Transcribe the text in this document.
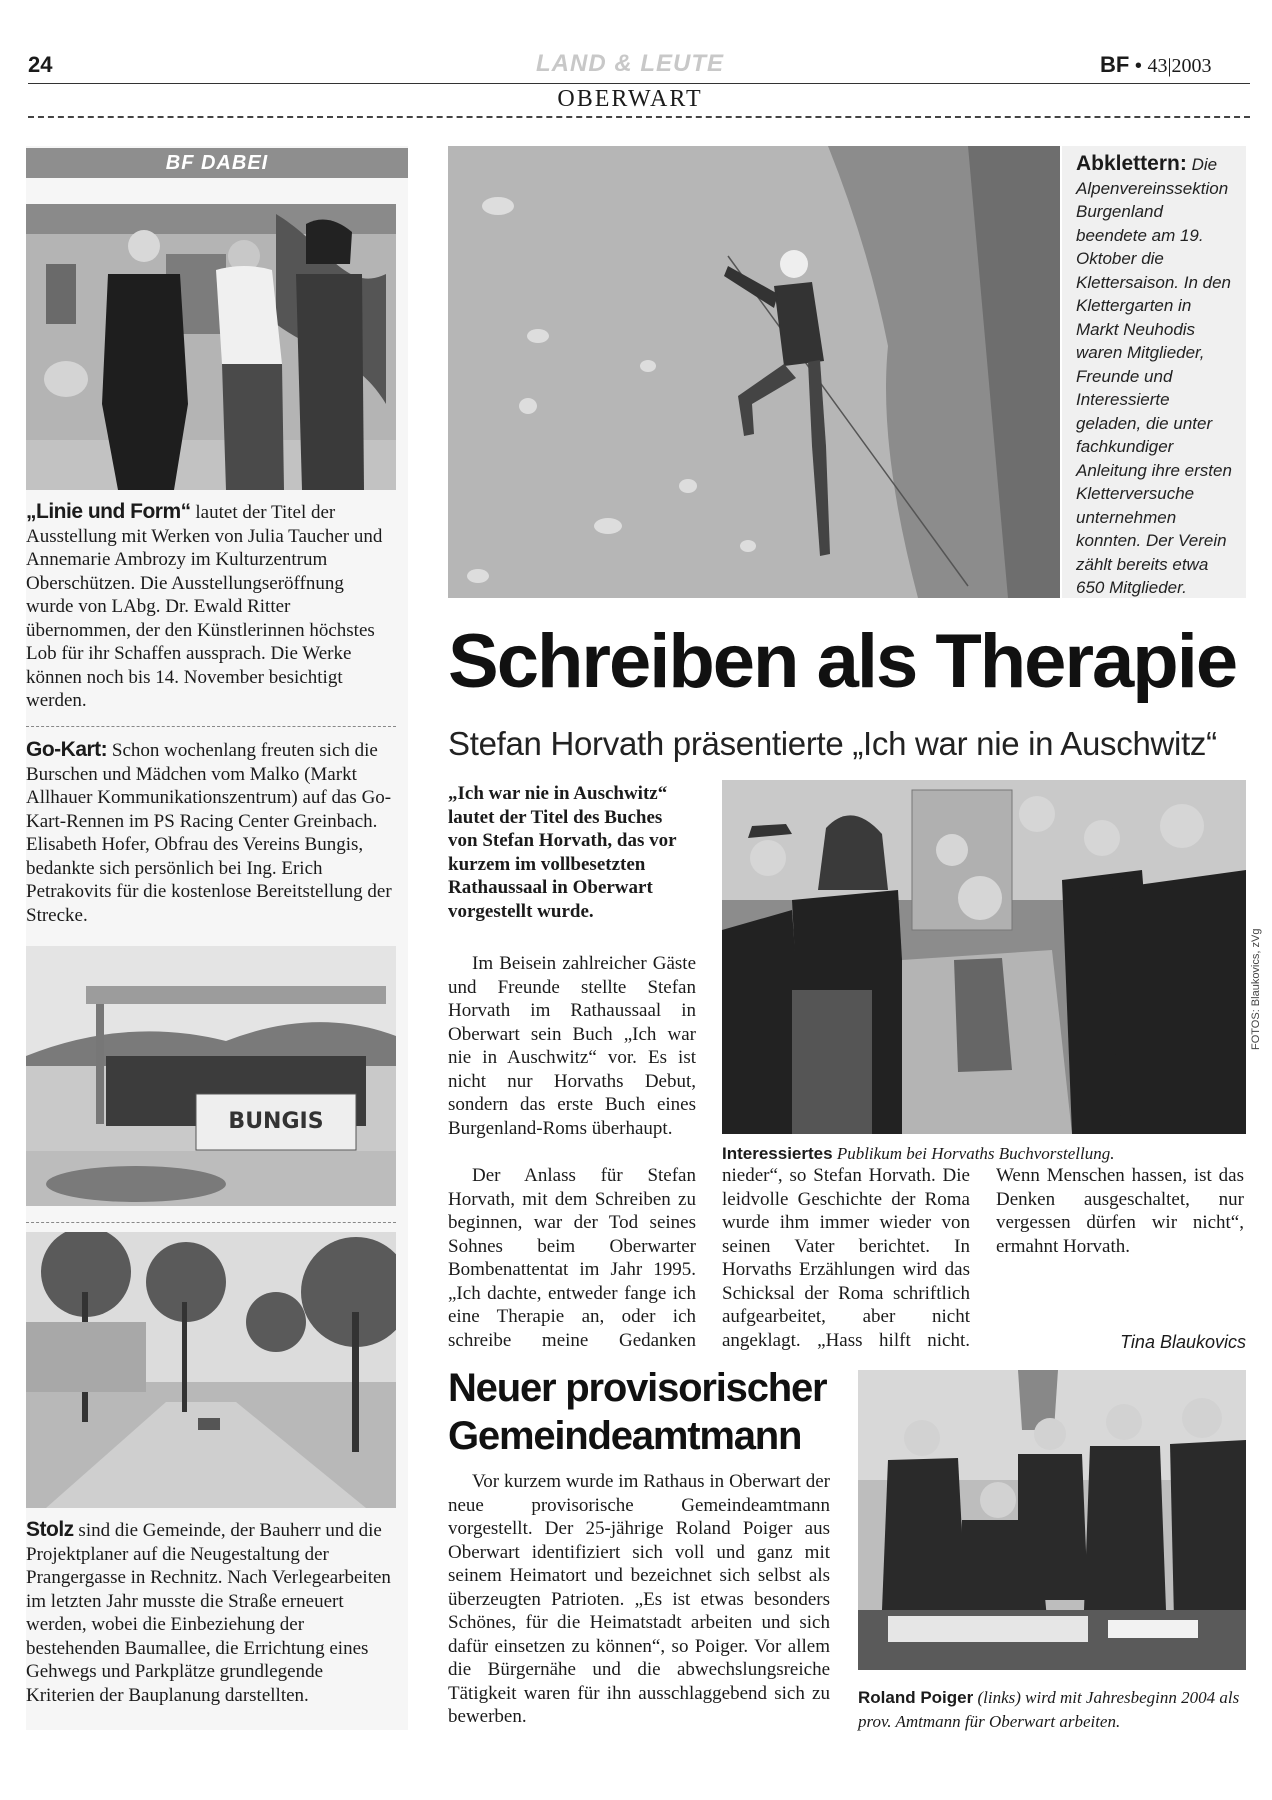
24	LAND & LEUTE	BF • 43|2003
OBERWART
BF DABEI
„Linie und Form“ lautet der Titel der Ausstellung mit Werken von Julia Taucher und Annemarie Ambrozy im Kulturzentrum Oberschützen. Die Ausstellungseröffnung wurde von LAbg. Dr. Ewald Ritter übernommen, der den Künstlerinnen höchstes Lob für ihr Schaffen aussprach. Die Werke können noch bis 14. November besichtigt werden.
Go-Kart: Schon wochenlang freuten sich die Burschen und Mädchen vom Malko (Markt Allhauer Kommunikationszentrum) auf das Go-Kart-Rennen im PS Racing Center Greinbach. Elisabeth Hofer, Obfrau des Vereins Bungis, bedankte sich persönlich bei Ing. Erich Petrakovits für die kostenlose Bereitstellung der Strecke.
BUNGIS
Stolz sind die Gemeinde, der Bauherr und die Projektplaner auf die Neugestaltung der Prangergasse in Rechnitz. Nach Verlegearbeiten im letzten Jahr musste die Straße erneuert werden, wobei die Einbeziehung der bestehenden Baumallee, die Errichtung eines Gehwegs und Parkplätze grundlegende Kriterien der Bauplanung darstellten.
Abklettern: Die Alpenvereinssektion Burgenland beendete am 19. Oktober die Klettersaison. In den Klettergarten in Markt Neuhodis waren Mitglieder, Freunde und Interessierte geladen, die unter fachkundiger Anleitung ihre ersten Kletterversuche unternehmen konnten. Der Verein zählt bereits etwa 650 Mitglieder.
Schreiben als Therapie
Stefan Horvath präsentierte „Ich war nie in Auschwitz“
„Ich war nie in Auschwitz“ lautet der Titel des Buches von Stefan Horvath, das vor kurzem im vollbesetzten Rathaussaal in Oberwart vorgestellt wurde.

Im Beisein zahlreicher Gäste und Freunde stellte Stefan Horvath im Rathaussaal in Oberwart sein Buch „Ich war nie in Auschwitz“ vor. Es ist nicht nur Horvaths Debut, sondern das erste Buch eines Burgenland-Roms überhaupt.

Der Anlass für Stefan Horvath, mit dem Schreiben zu beginnen, war der Tod seines Sohnes beim Oberwarter Bombenattentat im Jahr 1995. „Ich dachte, entweder fange ich eine Therapie an, oder ich schreibe meine Gedanken nieder“, so Stefan Horvath. Die leidvolle Geschichte der Roma wurde ihm immer wieder von seinen Vater berichtet. In Horvaths Erzählungen wird das Schicksal der Roma schriftlich aufgearbeitet, aber nicht angeklagt. „Hass hilft nicht. Wenn Menschen hassen, ist das Denken ausgeschaltet, nur vergessen dürfen wir nicht“, ermahnt Horvath.

FOTOS: Blaukovics, zVg
Interessiertes Publikum bei Horvaths Buchvorstellung.
Tina Blaukovics
Neuer provisorischer
Gemeindeamtmann

Vor kurzem wurde im Rathaus in Oberwart der neue provisorische Gemeindeamtmann vorgestellt. Der 25-jährige Roland Poiger aus Oberwart identifiziert sich voll und ganz mit seinem Heimatort und bezeichnet sich selbst als überzeugten Patrioten. „Es ist etwas besonders Schönes, für die Heimatstadt arbeiten und sich dafür einsetzen zu können“, so Poiger. Vor allem die Bürgernähe und die abwechslungsreiche Tätigkeit waren für ihn ausschlaggebend sich zu bewerben.

Roland Poiger (links) wird mit Jahresbeginn 2004 als prov. Amtmann für Oberwart arbeiten.
